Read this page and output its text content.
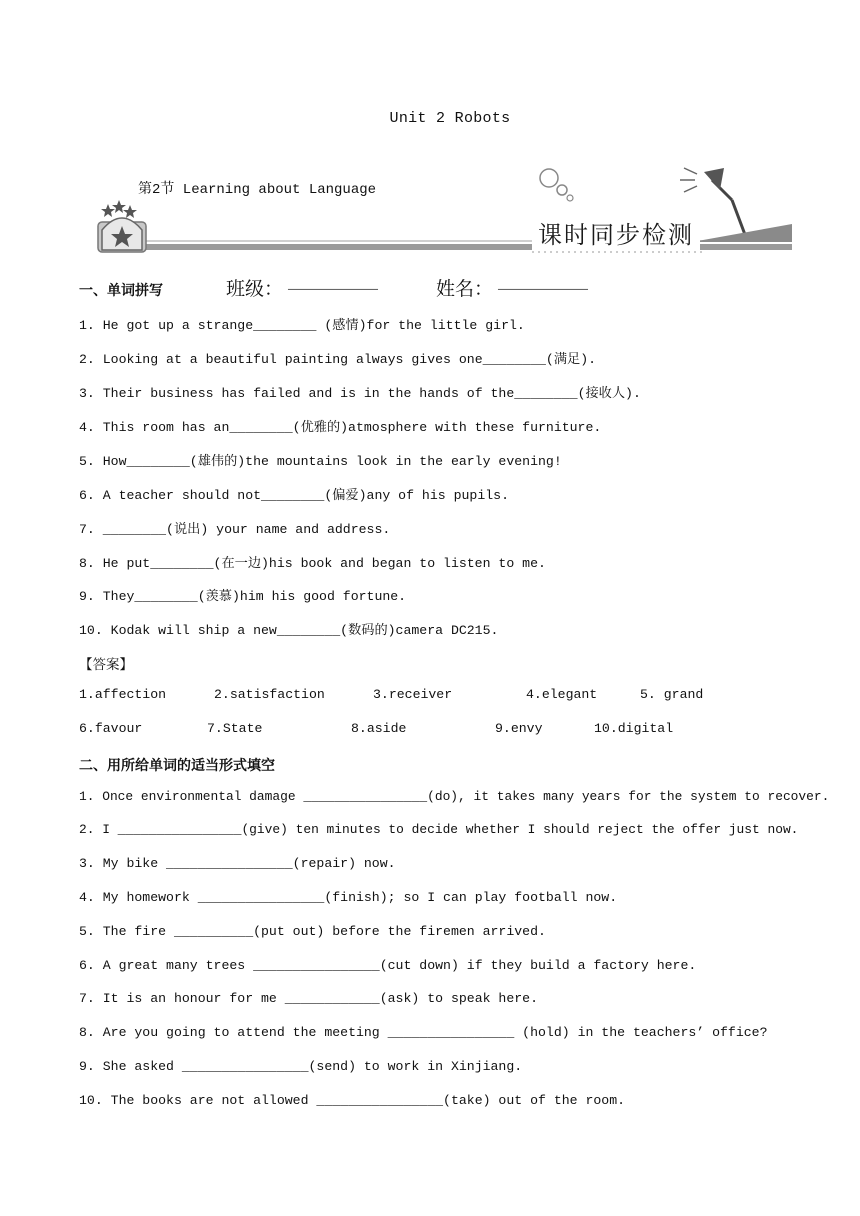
Unit 2 Robots
课时同步检测
第2节 Learning about Language
一、单词拼写	班级： __________	姓名： __________
1. He got up a strange________ (感情)for the little girl.
2. Looking at a beautiful painting always gives one________(满足).
3. Their business has failed and is in the hands of the________(接收人).
4. This room has an________(优雅的)atmosphere with these furniture.
5. How________(雄伟的)the mountains look in the early evening!
6. A teacher should not________(偏爱)any of his pupils.
7. ________(说出) your name and address.
8. He put________(在一边)his book and began to listen to me.
9. They________(羡慕)him his good fortune.
10. Kodak will ship a new________(数码的)camera DC215.
【答案】
1.affection	2.satisfaction	3.receiver	4.elegant	5. grand
6.favour	7.State	8.aside	9.envy	10.digital
二、用所给单词的适当形式填空
1. Once environmental damage ________________(do), it takes many years for the system to recover.
2. I ________________(give) ten minutes to decide whether I should reject the offer just now.
3. My bike ________________(repair) now.
4. My homework ________________(finish); so I can play football now.
5. The fire __________(put out) before the firemen arrived.
6. A great many trees ________________(cut down) if they build a factory here.
7. It is an honour for me ____________(ask) to speak here.
8. Are you going to attend the meeting ________________ (hold) in the teachers’ office?
9. She asked ________________(send) to work in Xinjiang.
10. The books are not allowed ________________(take) out of the room.
